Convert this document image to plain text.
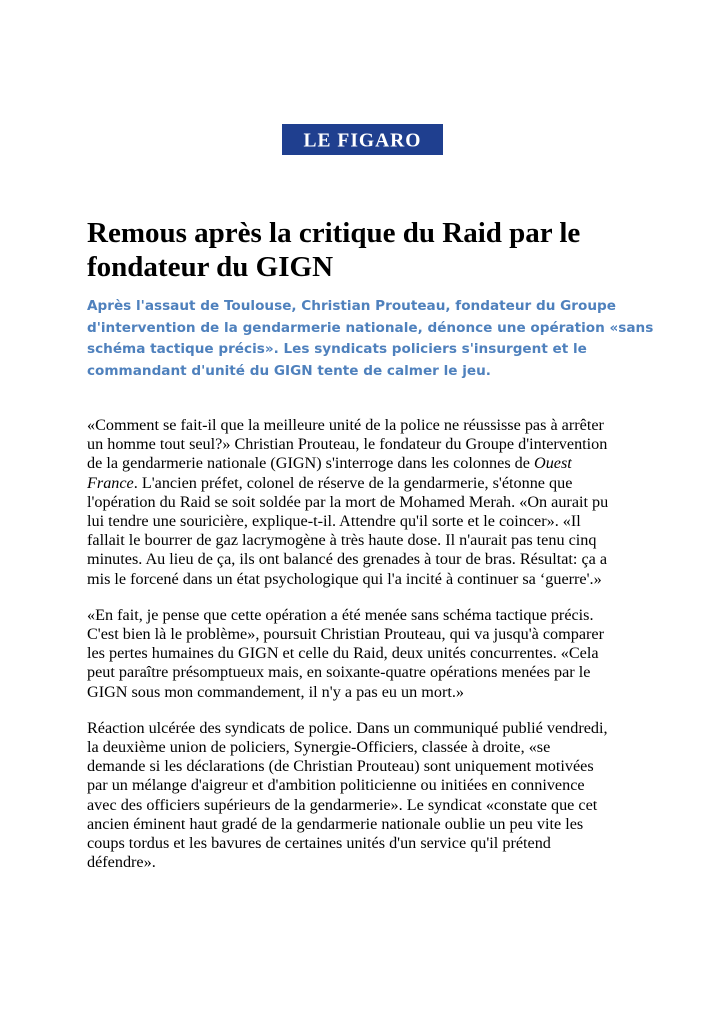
LE FIGARO
Remous après la critique du Raid par le
fondateur du GIGN

Après l'assaut de Toulouse, Christian Prouteau, fondateur du Groupe
d'intervention de la gendarmerie nationale, dénonce une opération «sans
schéma tactique précis». Les syndicats policiers s'insurgent et le
commandant d'unité du GIGN tente de calmer le jeu.

«Comment se fait-il que la meilleure unité de la police ne réussisse pas à arrêter
un homme tout seul?» Christian Prouteau, le fondateur du Groupe d'intervention
de la gendarmerie nationale (GIGN) s'interroge dans les colonnes de Ouest
France. L'ancien préfet, colonel de réserve de la gendarmerie, s'étonne que
l'opération du Raid se soit soldée par la mort de Mohamed Merah. «On aurait pu
lui tendre une souricière, explique-t-il. Attendre qu'il sorte et le coincer». «Il
fallait le bourrer de gaz lacrymogène à très haute dose. Il n'aurait pas tenu cinq
minutes. Au lieu de ça, ils ont balancé des grenades à tour de bras. Résultat: ça a
mis le forcené dans un état psychologique qui l'a incité à continuer sa ‘guerre'.»

«En fait, je pense que cette opération a été menée sans schéma tactique précis.
C'est bien là le problème», poursuit Christian Prouteau, qui va jusqu'à comparer
les pertes humaines du GIGN et celle du Raid, deux unités concurrentes. «Cela
peut paraître présomptueux mais, en soixante-quatre opérations menées par le
GIGN sous mon commandement, il n'y a pas eu un mort.»

Réaction ulcérée des syndicats de police. Dans un communiqué publié vendredi,
la deuxième union de policiers, Synergie-Officiers, classée à droite, «se
demande si les déclarations (de Christian Prouteau) sont uniquement motivées
par un mélange d'aigreur et d'ambition politicienne ou initiées en connivence
avec des officiers supérieurs de la gendarmerie». Le syndicat «constate que cet
ancien éminent haut gradé de la gendarmerie nationale oublie un peu vite les
coups tordus et les bavures de certaines unités d'un service qu'il prétend
défendre».
